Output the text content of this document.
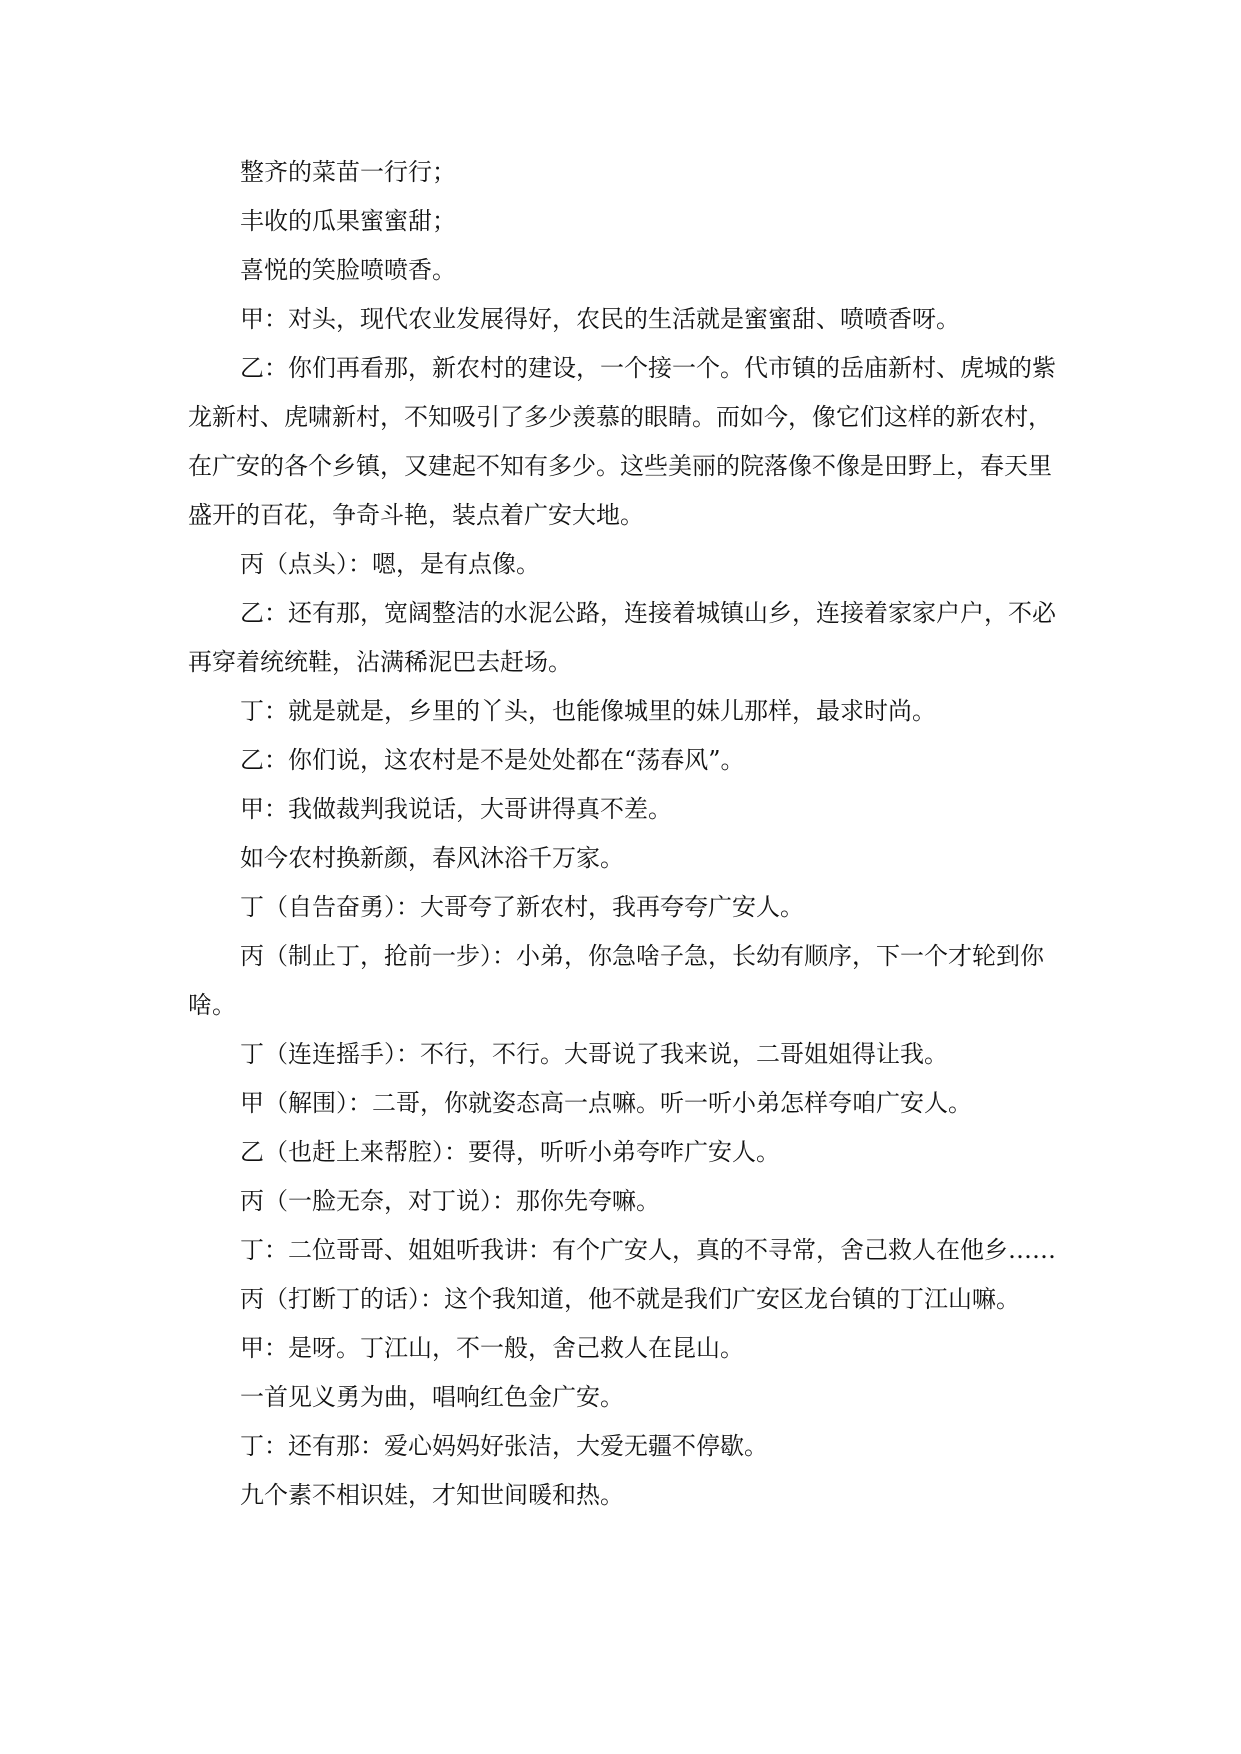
整齐的菜苗一行行；

丰收的瓜果蜜蜜甜；

喜悦的笑脸喷喷香。

甲：对头，现代农业发展得好，农民的生活就是蜜蜜甜、喷喷香呀。

乙：你们再看那，新农村的建设，一个接一个。代市镇的岳庙新村、虎城的紫龙新村、虎啸新村，不知吸引了多少羡慕的眼睛。而如今，像它们这样的新农村，在广安的各个乡镇，又建起不知有多少。这些美丽的院落像不像是田野上，春天里盛开的百花，争奇斗艳，装点着广安大地。

丙（点头）：嗯，是有点像。

乙：还有那，宽阔整洁的水泥公路，连接着城镇山乡，连接着家家户户，不必再穿着统统鞋，沾满稀泥巴去赶场。

丁：就是就是，乡里的丫头，也能像城里的妹儿那样，最求时尚。

乙：你们说，这农村是不是处处都在“荡春风”。

甲：我做裁判我说话，大哥讲得真不差。

如今农村换新颜，春风沐浴千万家。

丁（自告奋勇）：大哥夸了新农村，我再夸夸广安人。

丙（制止丁，抢前一步）：小弟，你急啥子急，长幼有顺序，下一个才轮到你啥。

丁（连连摇手）：不行，不行。大哥说了我来说，二哥姐姐得让我。

甲（解围）：二哥，你就姿态高一点嘛。听一听小弟怎样夸咱广安人。

乙（也赶上来帮腔）：要得，听听小弟夸咋广安人。

丙（一脸无奈，对丁说）：那你先夸嘛。

丁：二位哥哥、姐姐听我讲：有个广安人，真的不寻常，舍己救人在他乡……

丙（打断丁的话）：这个我知道，他不就是我们广安区龙台镇的丁江山嘛。

甲：是呀。丁江山，不一般，舍己救人在昆山。

一首见义勇为曲，唱响红色金广安。

丁：还有那：爱心妈妈好张洁，大爱无疆不停歇。

九个素不相识娃，才知世间暖和热。
